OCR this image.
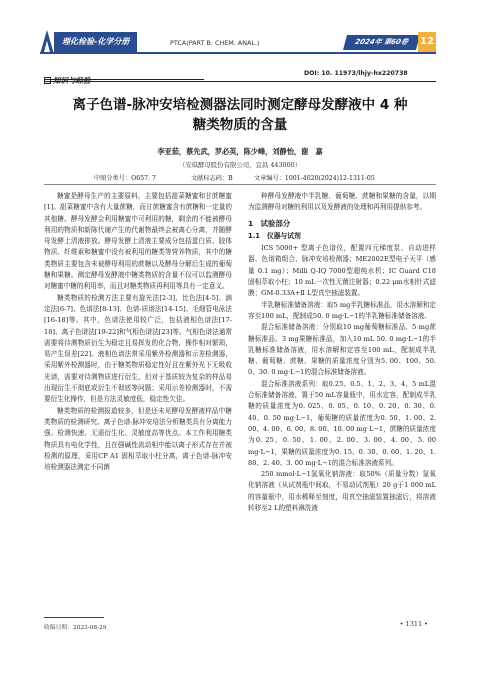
理化检验-化学分册	PTCA(PART B: CHEM. ANAL.)	2024年 第60卷	12
DOI: 10. 11973/lhjy-hx220738
离子色谱-脉冲安培检测器法同时测定酵母发酵液中 4 种
糖类物质的含量
李亚茹，蔡先武，罗必英，陈少峰，刘静怡，谢　嘉
（安琪酵母股份有限公司，宜昌 443000）
中图分类号：O657. 7	文献标志码：B	文章编号：1001-4020(2024)12-1311-05

糖蜜是酵母生产的主要原料，主要包括甜菜糖蜜和甘蔗糖蜜[1]。甜菜糖蜜中含有大量蔗糖，而甘蔗糖蜜含有蔗糖和一定量的其他糖。酵母发酵会利用糖蜜中可利用的糖，剩余的不能被酵母利用的物质和新陈代谢产生的代谢物最终会被离心分离，并随酵母发酵上清液排放。酵母发酵上清液主要成分包括蛋白质、胶体物质、纤维素和糖蜜中没有被利用的糖类等营养物质，其中的糖类物质主要包含未被酵母利用的蔗糖以及酵母分解后生成的葡萄糖和果糖。测定酵母发酵液中糖类物质的含量不仅可以监测酵母对糖蜜中糖的利用率，而且对糖类物质再利用等具有一定意义。

糖类物质的检测方法主要有旋光法[2-3]、比色法[4-5]、滴定法[6-7]、色谱法[8-13]、色谱-质谱法[14-15]、毛细管电泳法[16-18]等。其中，色谱法使用较广泛，包括液相色谱法[17-18]、离子色谱法[19-22]和气相色谱法[23]等。气相色谱法通常需要将待测物质衍生为稳定且易挥发的化合物，操作相对繁琐，易产生误差[22]。液相色谱法常采用紫外检测器和示差检测器，采用紫外检测器时，由于糖类物质稳定性好且在紫外光下无吸收光谱，需要对待测物质进行衍生，但对于基质较为复杂的样品易出现衍生不彻底或衍生不彻底等问题；采用示差检测器时，不需要衍生化操作，但是方法灵敏度低，稳定性欠佳。

糖类物质的检测报道较多，但是还未见酵母发酵液样品中糖类物质的检测研究。离子色谱-脉冲安培法分析糖类具有分离能力强、检测快速、无需衍生化、灵敏度高等优点。本工作利用糖类物质具有电化学性，且在强碱性流动相中能以离子形式存在并被检测的原理，采用CP A1 固相萃取小柱分离，离子色谱-脉冲安培检测器法测定不同菌

种酵母发酵液中半乳糖、葡萄糖、蔗糖和果糖的含量，以期为监测酵母对糖的利用以及发酵液的处理和再利用提供参考。

1　试验部分
1.1　仪器与试剂

ICS 5000+ 型离子色谱仪，配置四元梯度泵、自动进样器、色谱箱组合、脉冲安培检测器；ME2002E型电子天平（感量 0.1 mg）；Milli Q-IQ 7000型超纯水机；IC Guard C18 固相萃取小柱；10 mL一次性无菌注射器；0.22 μm水相针式滤膜；GM-0.33A+Ⅱ L型真空抽滤装置。

半乳糖标准储备溶液：取5 mg半乳糖标准品，用水溶解和定容至100 mL，配制成50. 0 mg·L−1的半乳糖标准储备溶液。

混合标准储备溶液：分别取10 mg葡萄糖标准品、5 mg蔗糖标准品、3 mg果糖标准品，加入10 mL 50. 0 mg·L−1的半乳糖标准储备溶液，用水溶解和定容至100 mL，配制成半乳糖、葡萄糖、蔗糖、果糖的质量浓度分别为5. 00、100、50. 0、30. 0 mg·L−1的混合标准储备溶液。

混合标准溶液系列：取0.25、0.5、1、2、3、4、5 mL混合标准储备溶液，置于50 mL容量瓶中，用水定容，配制成半乳糖的质量浓度为0. 025、0. 05、0. 10、0. 20、0. 30、0. 40、0. 50 mg·L−1，葡萄糖的质量浓度为0. 50、1. 00、2. 00、4. 00、6. 00、8. 00、10. 00 mg·L−1，蔗糖的质量浓度为0. 25、0. 50、1. 00、2. 00、3. 00、4. 00、5. 00 mg·L−1，果糖的质量浓度为0. 15、0. 30、0. 60、1. 20、1. 80、2. 40、3. 00 mg·L−1的混合标准溶液系列。

250 mmol·L−1氢氧化钠溶液：取50%（质量分数）氢氧化钠溶液（从试剂瓶中间取，不易动试剂瓶）20 g于1 000 mL的容量瓶中，用水稀释至刻度，用真空抽滤装置抽滤后，将溶液转移至2 L的塑料淋洗液

收稿日期：2023-08-29	• 1311 •
